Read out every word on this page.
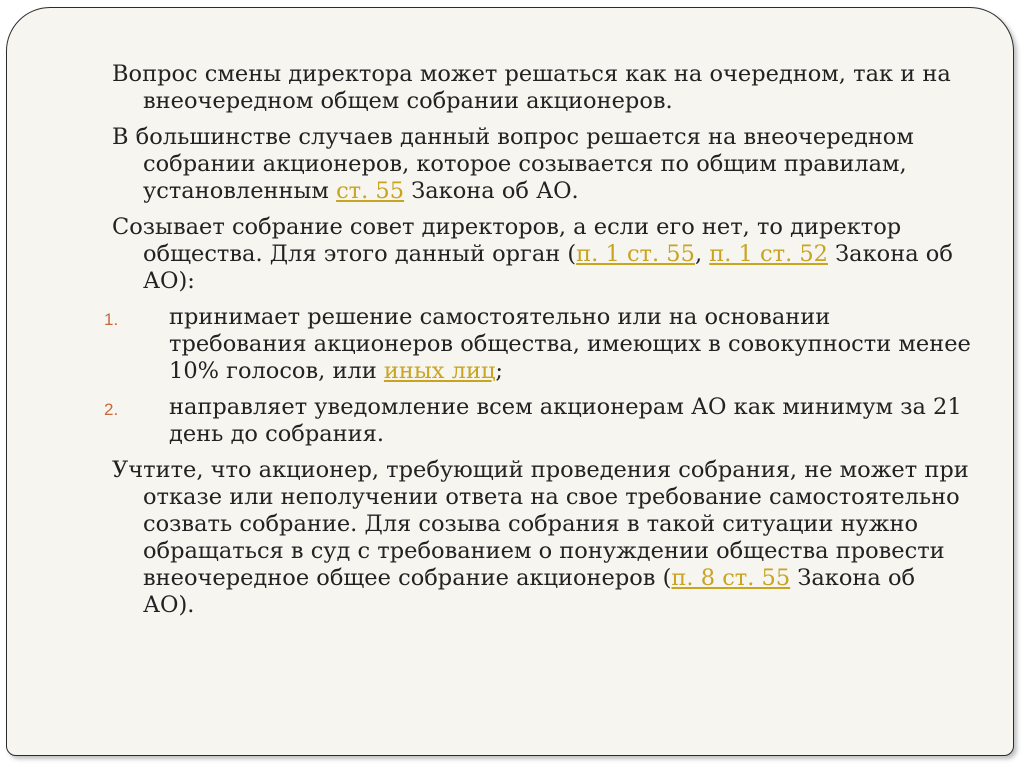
Вопрос смены директора может решаться как на очередном, так и на внеочередном общем собрании акционеров.

В большинстве случаев данный вопрос решается на внеочередном собрании акционеров, которое созывается по общим правилам, установленным ст. 55 Закона об АО.

Созывает собрание совет директоров, а если его нет, то директор общества. Для этого данный орган (п. 1 ст. 55, п. 1 ст. 52 Закона об АО):

1. принимает решение самостоятельно или на основании требования акционеров общества, имеющих в совокупности менее 10% голосов, или иных лиц;
2. направляет уведомление всем акционерам АО как минимум за 21 день до собрания.

Учтите, что акционер, требующий проведения собрания, не может при отказе или неполучении ответа на свое требование самостоятельно созвать собрание. Для созыва собрания в такой ситуации нужно обращаться в суд с требованием о понуждении общества провести внеочередное общее собрание акционеров (п. 8 ст. 55 Закона об АО).
